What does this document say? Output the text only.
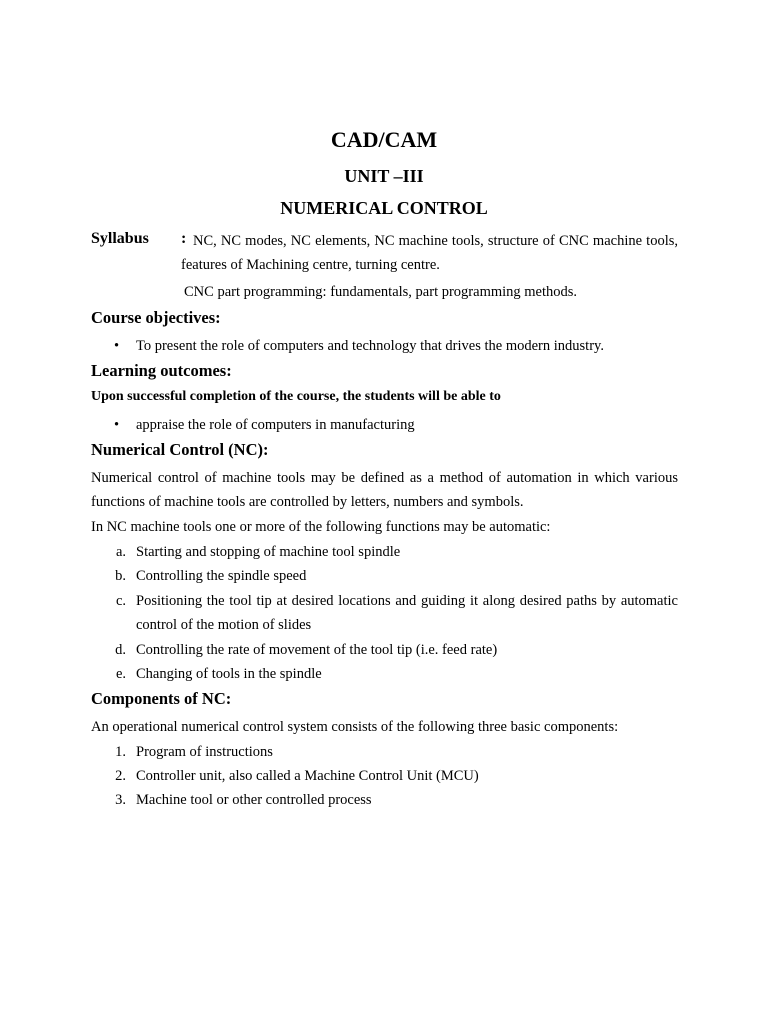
CAD/CAM
UNIT –III
NUMERICAL CONTROL
Syllabus : NC, NC modes, NC elements, NC machine tools, structure of CNC machine tools, features of Machining centre, turning centre.
CNC part programming: fundamentals, part programming methods.
Course objectives:
• To present the role of computers and technology that drives the modern industry.
Learning outcomes:
Upon successful completion of the course, the students will be able to
• appraise the role of computers in manufacturing
Numerical Control (NC):
Numerical control of machine tools may be defined as a method of automation in which various functions of machine tools are controlled by letters, numbers and symbols.
In NC machine tools one or more of the following functions may be automatic:
a. Starting and stopping of machine tool spindle
b. Controlling the spindle speed
c. Positioning the tool tip at desired locations and guiding it along desired paths by automatic control of the motion of slides
d. Controlling the rate of movement of the tool tip (i.e. feed rate)
e. Changing of tools in the spindle
Components of NC:
An operational numerical control system consists of the following three basic components:
1. Program of instructions
2. Controller unit, also called a Machine Control Unit (MCU)
3. Machine tool or other controlled process
